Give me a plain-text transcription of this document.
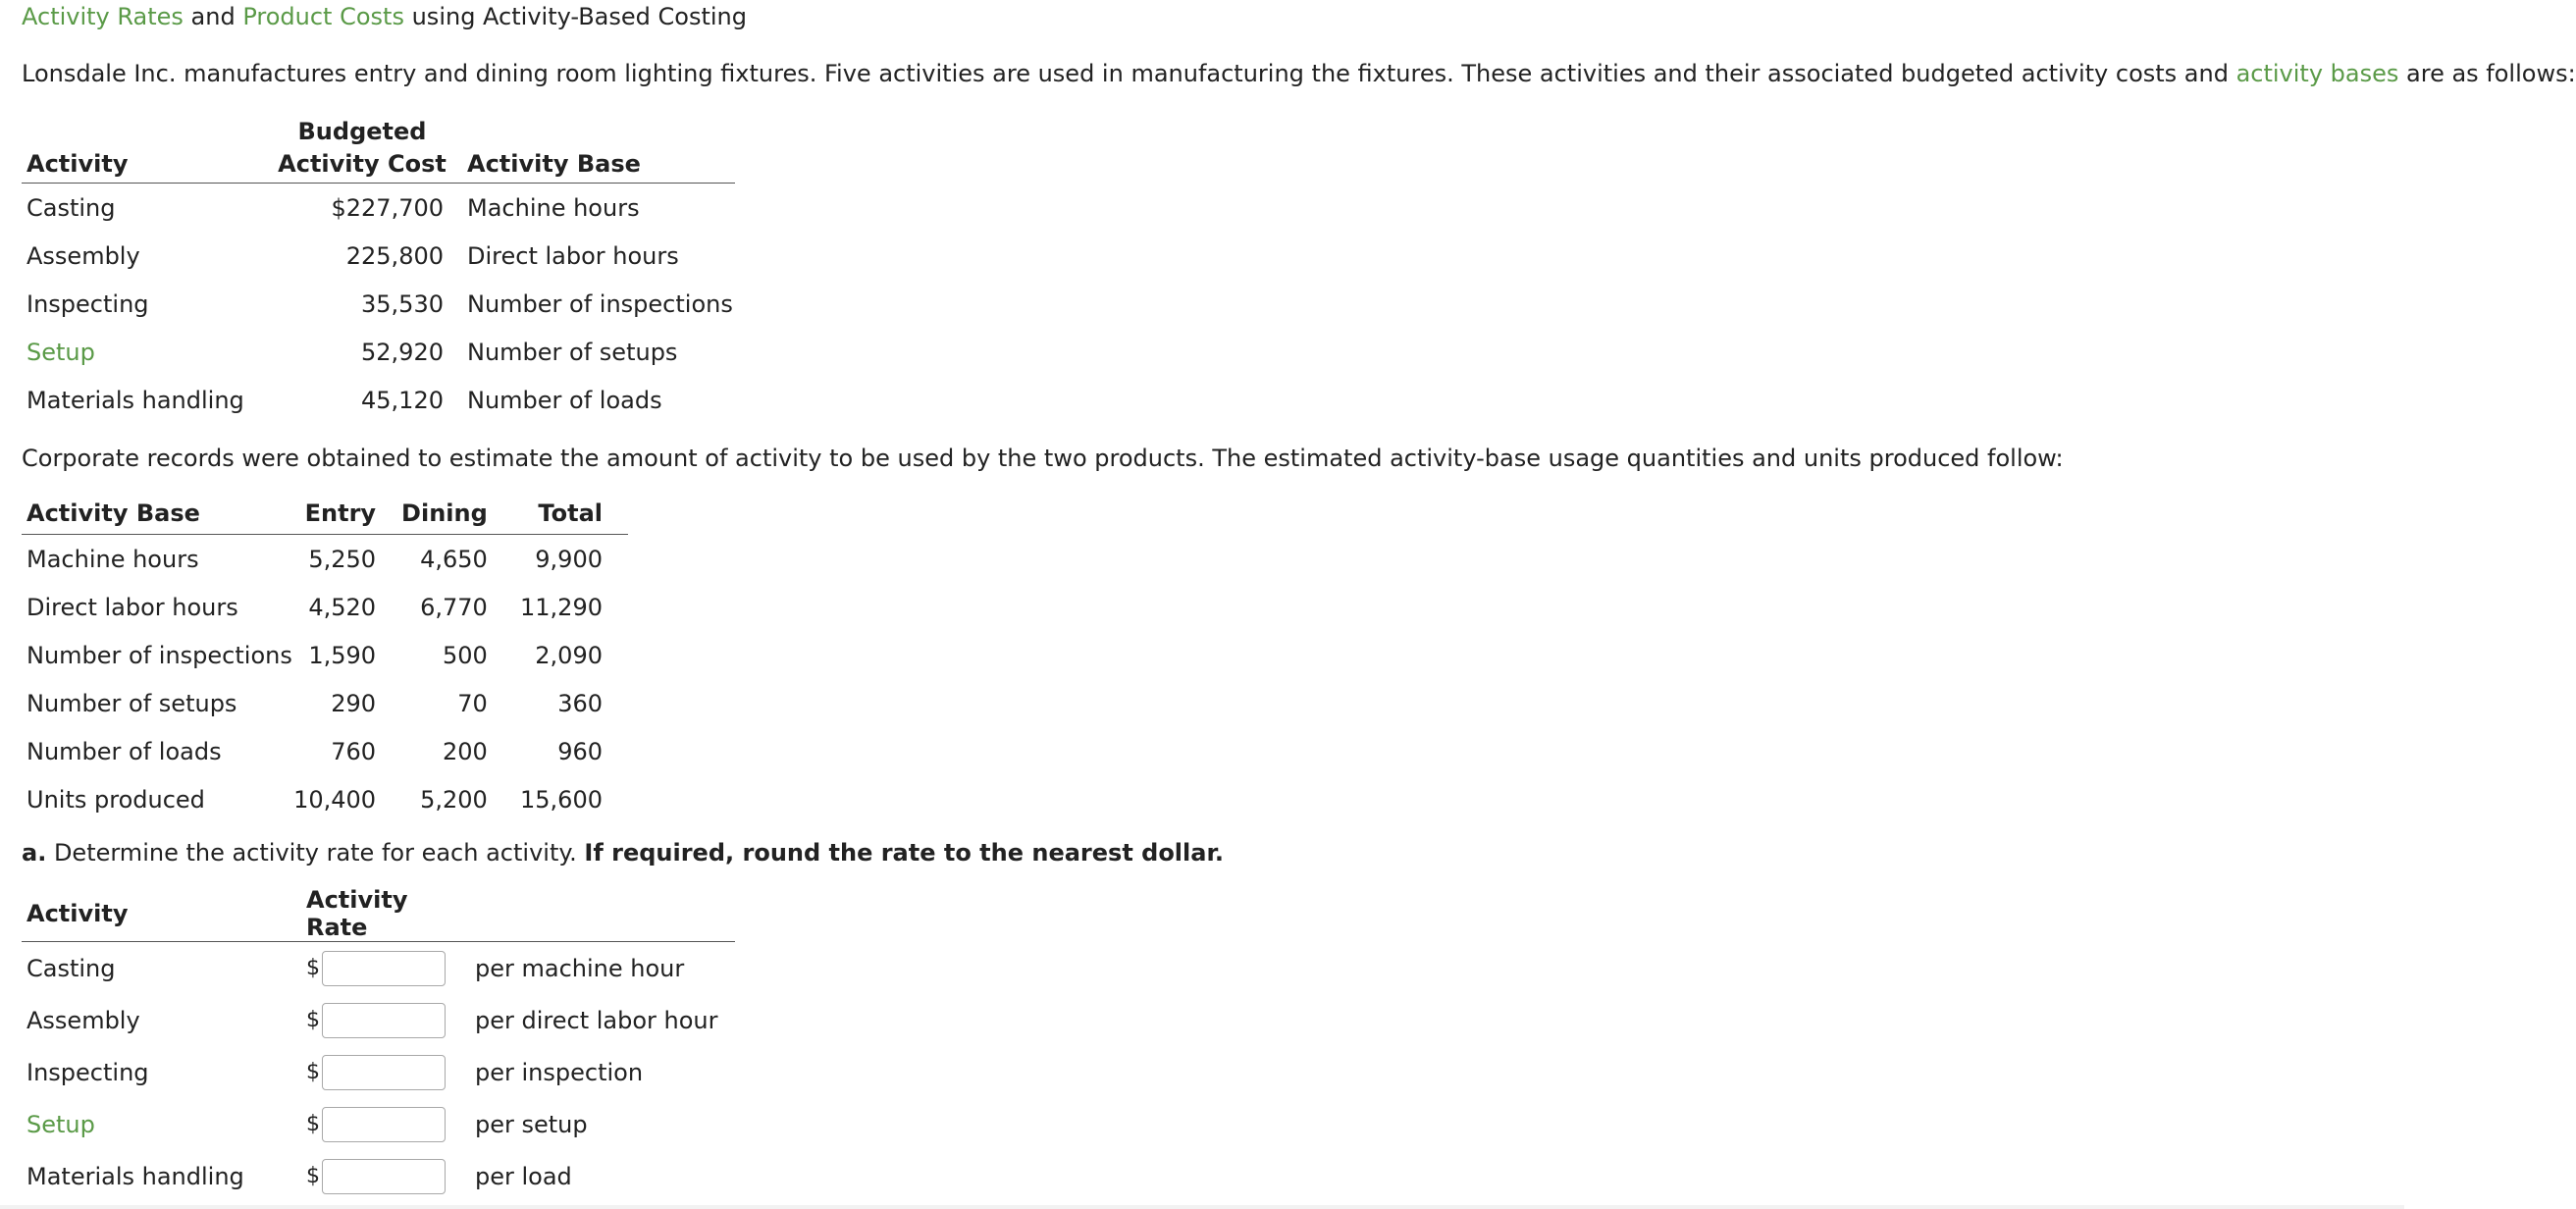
Activity Rates and Product Costs using Activity-Based Costing
Lonsdale Inc. manufactures entry and dining room lighting fixtures. Five activities are used in manufacturing the fixtures. These activities and their associated budgeted activity costs and activity bases are as follows:
	Budgeted	
Activity	Activity Cost	Activity Base
Casting	$227,700	Machine hours
Assembly	225,800	Direct labor hours
Inspecting	35,530	Number of inspections
Setup	52,920	Number of setups
Materials handling	45,120	Number of loads
Corporate records were obtained to estimate the amount of activity to be used by the two products. The estimated activity-base usage quantities and units produced follow:
Activity Base	Entry	Dining	Total
Machine hours	5,250	4,650	9,900
Direct labor hours	4,520	6,770	11,290
Number of inspections	1,590	500	2,090
Number of setups	290	70	360
Number of loads	760	200	960
Units produced	10,400	5,200	15,600
a. Determine the activity rate for each activity. If required, round the rate to the nearest dollar.
Activity	Activity Rate	
Casting	$	per machine hour
Assembly	$	per direct labor hour
Inspecting	$	per inspection
Setup	$	per setup
Materials handling	$	per load
